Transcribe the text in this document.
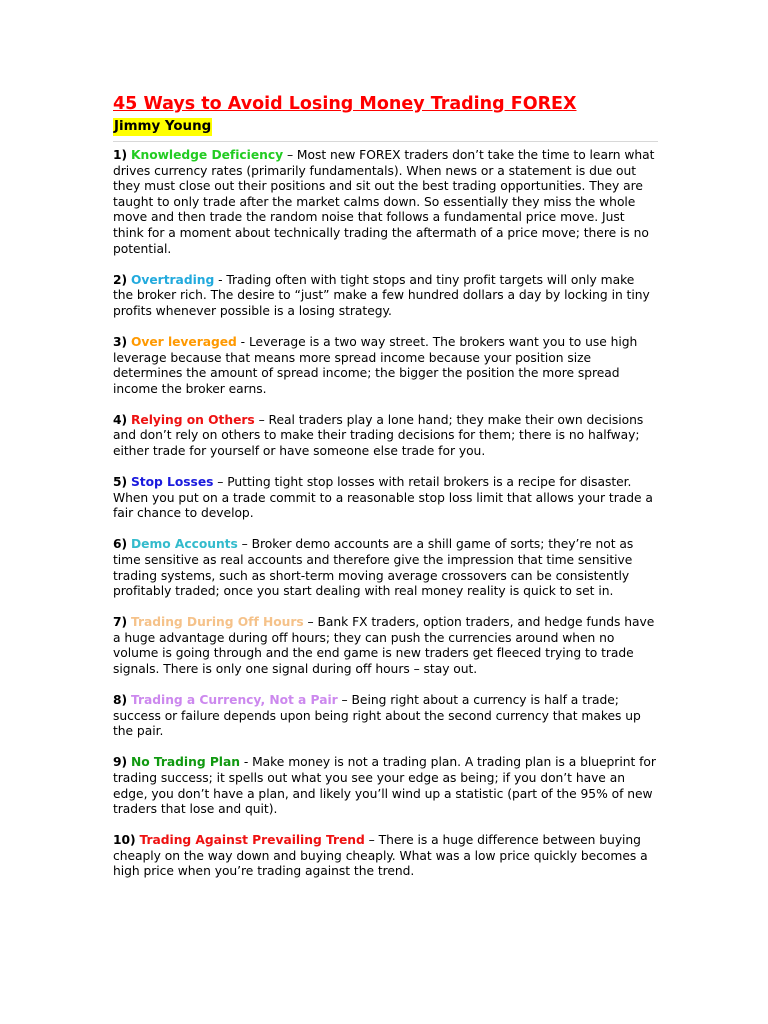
45 Ways to Avoid Losing Money Trading FOREX
Jimmy Young

1) Knowledge Deficiency – Most new FOREX traders don’t take the time to learn what drives currency rates (primarily fundamentals). When news or a statement is due out they must close out their positions and sit out the best trading opportunities. They are taught to only trade after the market calms down. So essentially they miss the whole move and then trade the random noise that follows a fundamental price move. Just think for a moment about technically trading the aftermath of a price move; there is no potential.

2) Overtrading - Trading often with tight stops and tiny profit targets will only make the broker rich. The desire to “just” make a few hundred dollars a day by locking in tiny profits whenever possible is a losing strategy.

3) Over leveraged - Leverage is a two way street. The brokers want you to use high leverage because that means more spread income because your position size determines the amount of spread income; the bigger the position the more spread income the broker earns.

4) Relying on Others – Real traders play a lone hand; they make their own decisions and don’t rely on others to make their trading decisions for them; there is no halfway; either trade for yourself or have someone else trade for you.

5) Stop Losses – Putting tight stop losses with retail brokers is a recipe for disaster. When you put on a trade commit to a reasonable stop loss limit that allows your trade a fair chance to develop.

6) Demo Accounts – Broker demo accounts are a shill game of sorts; they’re not as time sensitive as real accounts and therefore give the impression that time sensitive trading systems, such as short-term moving average crossovers can be consistently profitably traded; once you start dealing with real money reality is quick to set in.

7) Trading During Off Hours – Bank FX traders, option traders, and hedge funds have a huge advantage during off hours; they can push the currencies around when no volume is going through and the end game is new traders get fleeced trying to trade signals. There is only one signal during off hours – stay out.

8) Trading a Currency, Not a Pair – Being right about a currency is half a trade; success or failure depends upon being right about the second currency that makes up the pair.

9) No Trading Plan - Make money is not a trading plan. A trading plan is a blueprint for trading success; it spells out what you see your edge as being; if you don’t have an edge, you don’t have a plan, and likely you’ll wind up a statistic (part of the 95% of new traders that lose and quit).

10) Trading Against Prevailing Trend – There is a huge difference between buying cheaply on the way down and buying cheaply. What was a low price quickly becomes a high price when you’re trading against the trend.
